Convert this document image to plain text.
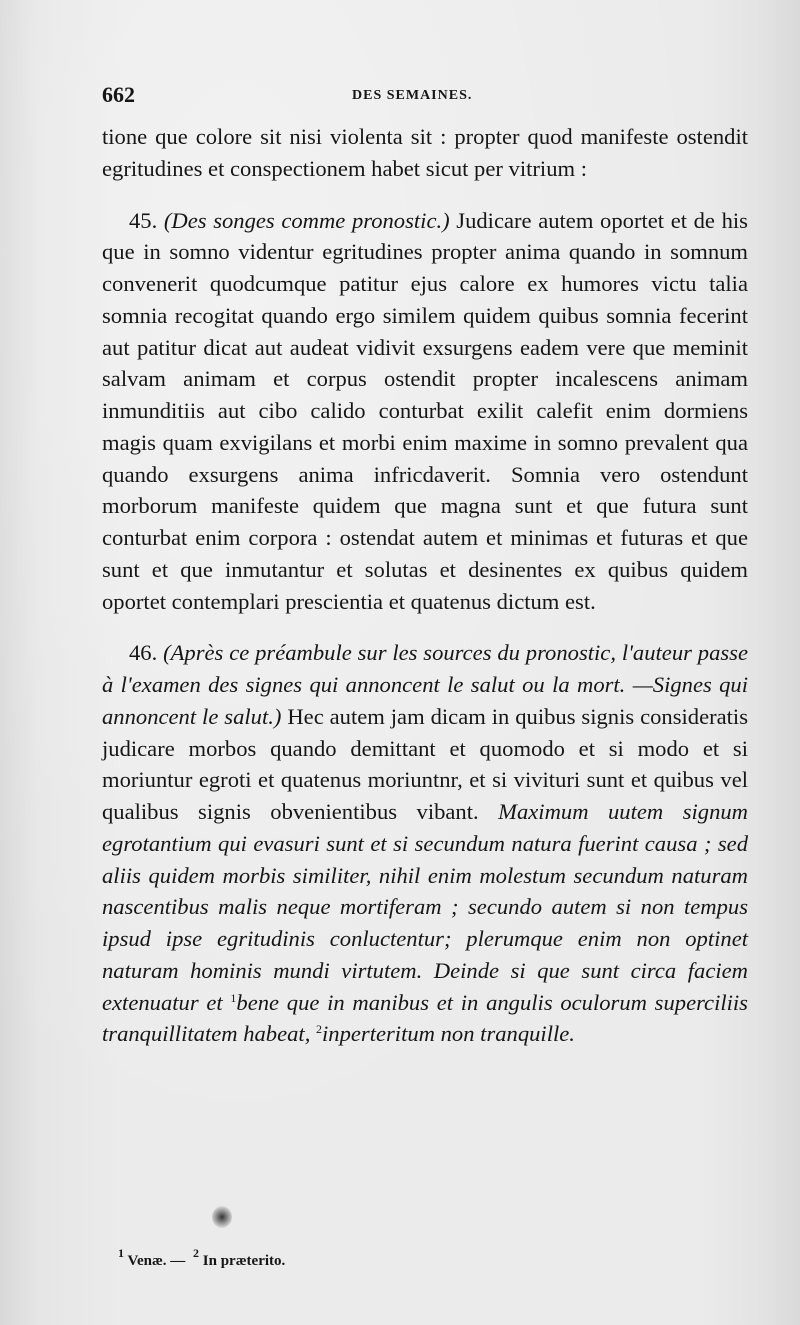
662	DES SEMAINES.

tione que colore sit nisi violenta sit : propter quod manifeste ostendit egritudines et conspectionem habet sicut per vitrium :

45. (Des songes comme pronostic.) Judicare autem oportet et de his que in somno videntur egritudines propter anima quando in somnum convenerit quodcumque patitur ejus calore ex humores victu talia somnia recogitat quando ergo similem quidem quibus somnia fecerint aut patitur dicat aut audeat vidivit exsurgens eadem vere que meminit salvam animam et corpus ostendit propter incalescens animam inmunditiis aut cibo calido conturbat exilit calefit enim dormiens magis quam exvigilans et morbi enim maxime in somno prevalent qua quando exsurgens anima infricdaverit. Somnia vero ostendunt morborum manifeste quidem que magna sunt et que futura sunt conturbat enim corpora : ostendat autem et minimas et futuras et que sunt et que inmutantur et solutas et desinentes ex quibus quidem oportet contemplari prescientia et quatenus dictum est.

46. (Après ce préambule sur les sources du pronostic, l'auteur passe à l'examen des signes qui annoncent le salut ou la mort. —Signes qui annoncent le salut.) Hec autem jam dicam in quibus signis consideratis judicare morbos quando demittant et quomodo et si modo et si moriuntur egroti et quatenus moriuntnr, et si vivituri sunt et quibus vel qualibus signis obvenientibus vibant. Maximum uutem signum egrotantium qui evasuri sunt et si secundum natura fuerint causa ; sed aliis quidem morbis similiter, nihil enim molestum secundum naturam nascentibus malis neque mortiferam ; secundo autem si non tempus ipsud ipse egritudinis conluctentur; plerumque enim non optinet naturam hominis mundi virtutem. Deinde si que sunt circa faciem extenuatur et $^1$bene que in manibus et in angulis oculorum superciliis tranquillitatem habeat, $^2$inperteritum non tranquille.

$^1$ Venæ. — $^2$ In præterito.
